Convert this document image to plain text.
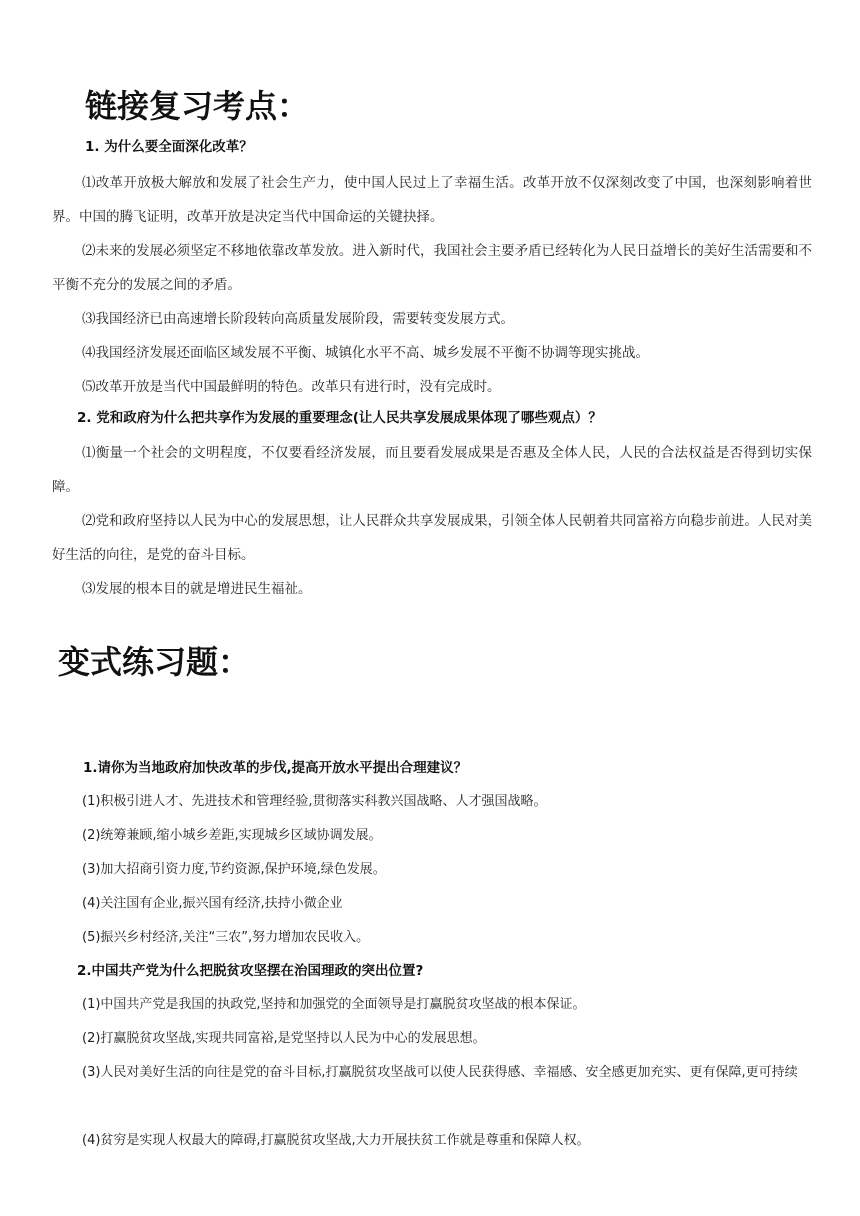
链接复习考点：
1. 为什么要全面深化改革？

⑴改革开放极大解放和发展了社会生产力，使中国人民过上了幸福生活。改革开放不仅深刻改变了中国，也深刻影响着世界。中国的腾飞证明，改革开放是决定当代中国命运的关键抉择。

⑵未来的发展必须坚定不移地依靠改革发放。进入新时代，我国社会主要矛盾已经转化为人民日益增长的美好生活需要和不平衡不充分的发展之间的矛盾。

⑶我国经济已由高速增长阶段转向高质量发展阶段，需要转变发展方式。

⑷我国经济发展还面临区域发展不平衡、城镇化水平不高、城乡发展不平衡不协调等现实挑战。

⑸改革开放是当代中国最鲜明的特色。改革只有进行时，没有完成时。

2. 党和政府为什么把共享作为发展的重要理念(让人民共享发展成果体现了哪些观点）？

⑴衡量一个社会的文明程度，不仅要看经济发展，而且要看发展成果是否惠及全体人民，人民的合法权益是否得到切实保障。

⑵党和政府坚持以人民为中心的发展思想，让人民群众共享发展成果，引领全体人民朝着共同富裕方向稳步前进。人民对美好生活的向往，是党的奋斗目标。

⑶发展的根本目的就是增进民生福祉。

变式练习题：
1.请你为当地政府加快改革的步伐,提高开放水平提出合理建议？

(1)积极引进人才、先进技术和管理经验,贯彻落实科教兴国战略、人才强国战略。

(2)统筹兼顾,缩小城乡差距,实现城乡区域协调发展。

(3)加大招商引资力度,节约资源,保护环境,绿色发展。

(4)关注国有企业,振兴国有经济,扶持小微企业

(5)振兴乡村经济,关注“三农”,努力增加农民收入。

2.中国共产党为什么把脱贫攻坚摆在治国理政的突出位置?

(1)中国共产党是我国的执政党,坚持和加强党的全面领导是打赢脱贫攻坚战的根本保证。

(2)打赢脱贫攻坚战,实现共同富裕,是党坚持以人民为中心的发展思想。

(3)人民对美好生活的向往是党的奋斗目标,打赢脱贫攻坚战可以使人民获得感、幸福感、安全感更加充实、更有保障,更可持续

(4)贫穷是实现人权最大的障碍,打赢脱贫攻坚战,大力开展扶贫工作就是尊重和保障人权。
